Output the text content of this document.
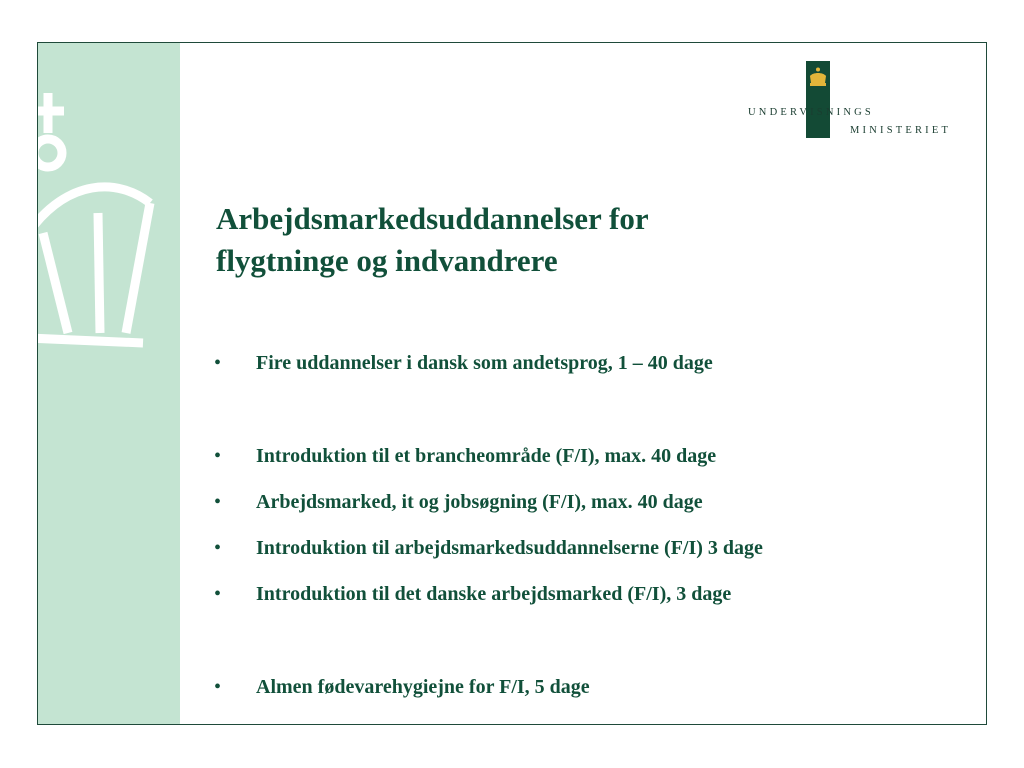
UNDERVISNINGS
MINISTERIET
Arbejdsmarkedsuddannelser for
flygtninge og indvandrere
• Fire uddannelser i dansk som andetsprog, 1 – 40 dage
• Introduktion til et brancheområde (F/I), max. 40 dage
• Arbejdsmarked, it og jobsøgning (F/I), max. 40 dage
• Introduktion til arbejdsmarkedsuddannelserne (F/I) 3 dage
• Introduktion til det danske arbejdsmarked (F/I), 3 dage
• Almen fødevarehygiejne for F/I, 5 dage
